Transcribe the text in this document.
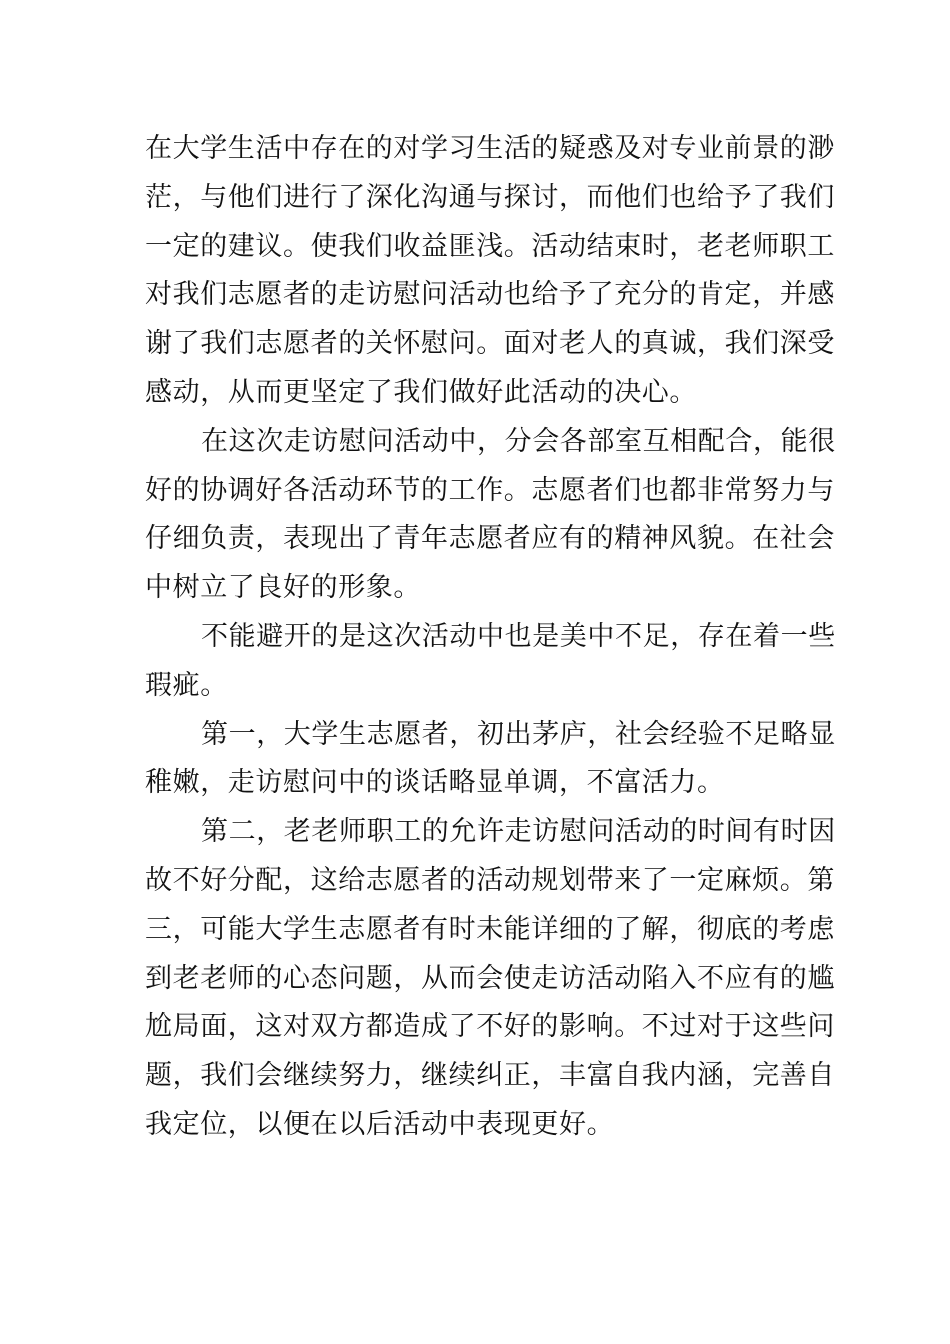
在大学生活中存在的对学习生活的疑惑及对专业前景的渺
茫，与他们进行了深化沟通与探讨，而他们也给予了我们
一定的建议。使我们收益匪浅。活动结束时，老老师职工
对我们志愿者的走访慰问活动也给予了充分的肯定，并感
谢了我们志愿者的关怀慰问。面对老人的真诚，我们深受
感动，从而更坚定了我们做好此活动的决心。
在这次走访慰问活动中，分会各部室互相配合，能很
好的协调好各活动环节的工作。志愿者们也都非常努力与
仔细负责，表现出了青年志愿者应有的精神风貌。在社会
中树立了良好的形象。
不能避开的是这次活动中也是美中不足，存在着一些
瑕疵。
第一，大学生志愿者，初出茅庐，社会经验不足略显
稚嫩，走访慰问中的谈话略显单调，不富活力。
第二，老老师职工的允许走访慰问活动的时间有时因
故不好分配，这给志愿者的活动规划带来了一定麻烦。第
三，可能大学生志愿者有时未能详细的了解，彻底的考虑
到老老师的心态问题，从而会使走访活动陷入不应有的尴
尬局面，这对双方都造成了不好的影响。不过对于这些问
题，我们会继续努力，继续纠正，丰富自我内涵，完善自
我定位，以便在以后活动中表现更好。
